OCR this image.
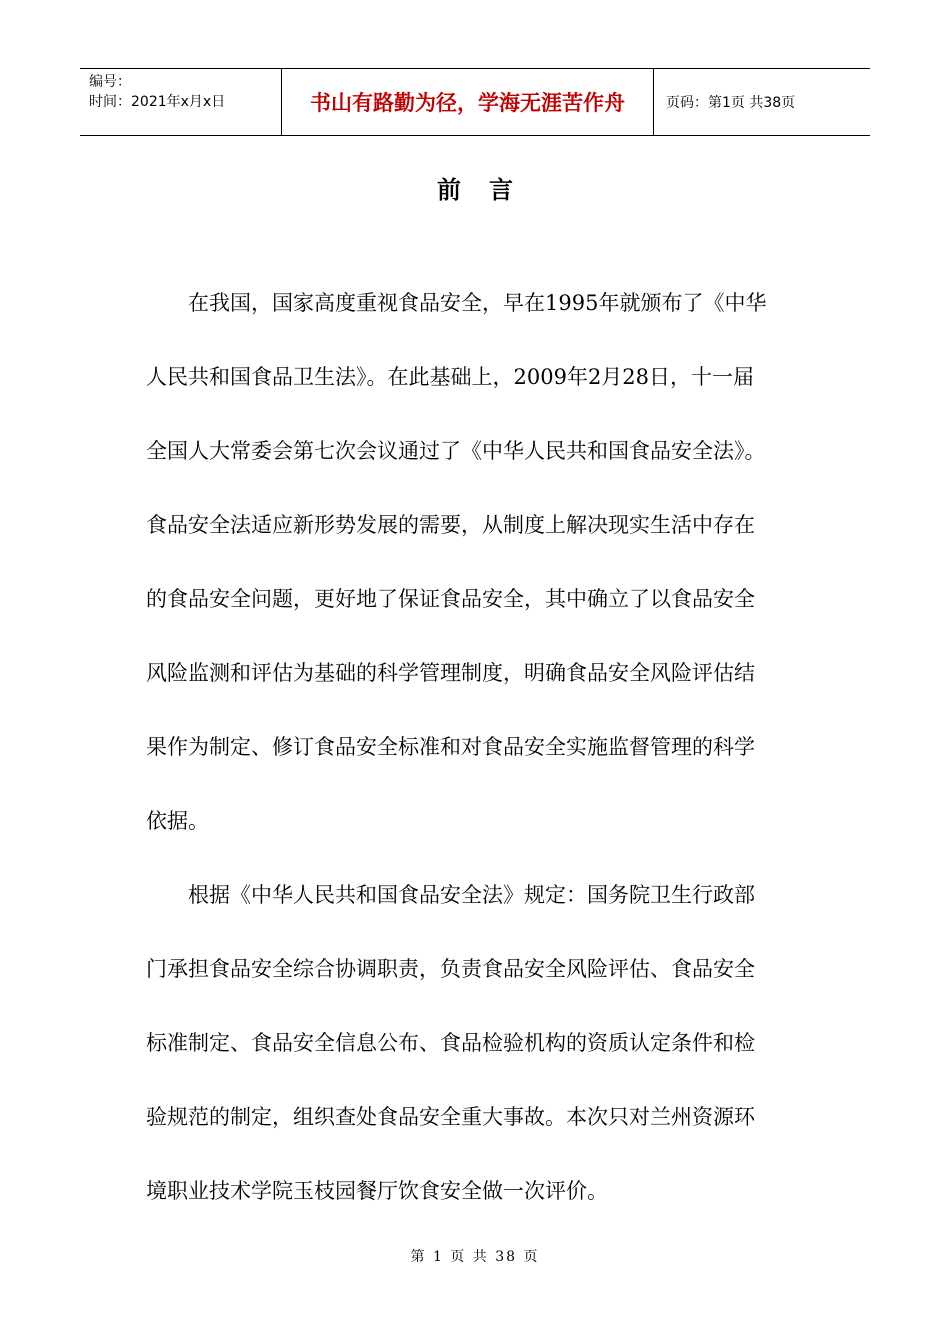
编号：
时间：2021年x月x日	书山有路勤为径，学海无涯苦作舟	页码：第1页 共38页
前言
在我国，国家高度重视食品安全，早在1995年就颁布了《中华
人民共和国食品卫生法》。在此基础上，2009年2月28日，十一届
全国人大常委会第七次会议通过了《中华人民共和国食品安全法》。
食品安全法适应新形势发展的需要，从制度上解决现实生活中存在
的食品安全问题，更好地了保证食品安全，其中确立了以食品安全
风险监测和评估为基础的科学管理制度，明确食品安全风险评估结
果作为制定、修订食品安全标准和对食品安全实施监督管理的科学
依据。
根据《中华人民共和国食品安全法》规定：国务院卫生行政部
门承担食品安全综合协调职责，负责食品安全风险评估、食品安全
标准制定、食品安全信息公布、食品检验机构的资质认定条件和检
验规范的制定，组织查处食品安全重大事故。本次只对兰州资源环
境职业技术学院玉枝园餐厅饮食安全做一次评价。
第 1 页 共 38 页
